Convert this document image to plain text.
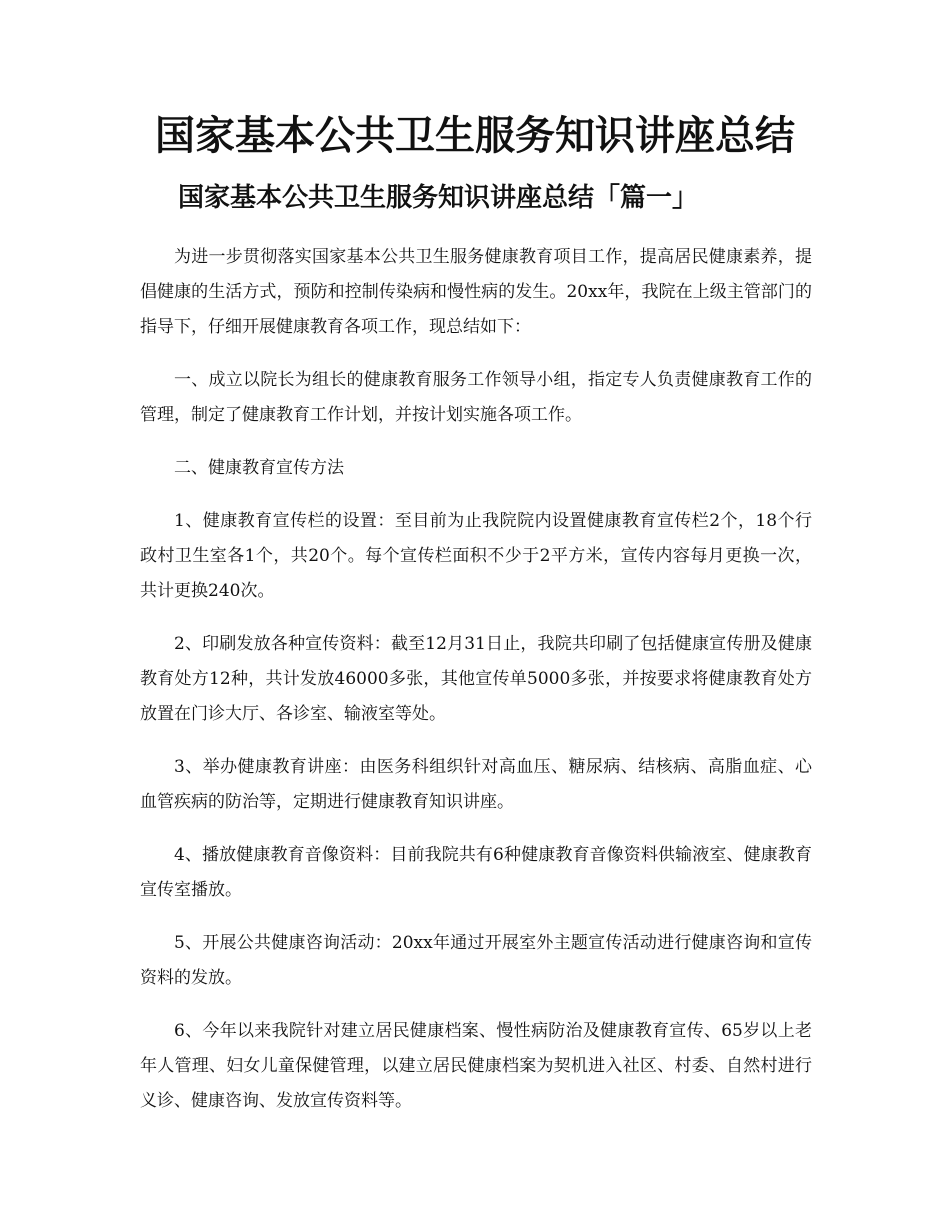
国家基本公共卫生服务知识讲座总结
国家基本公共卫生服务知识讲座总结「篇一」

为进一步贯彻落实国家基本公共卫生服务健康教育项目工作，提高居民健康素养，提倡健康的生活方式，预防和控制传染病和慢性病的发生。20xx年，我院在上级主管部门的指导下，仔细开展健康教育各项工作，现总结如下：

一、成立以院长为组长的健康教育服务工作领导小组，指定专人负责健康教育工作的管理，制定了健康教育工作计划，并按计划实施各项工作。

二、健康教育宣传方法

1、健康教育宣传栏的设置：至目前为止我院院内设置健康教育宣传栏2个，18个行政村卫生室各1个，共20个。每个宣传栏面积不少于2平方米，宣传内容每月更换一次，共计更换240次。

2、印刷发放各种宣传资料：截至12月31日止，我院共印刷了包括健康宣传册及健康教育处方12种，共计发放46000多张，其他宣传单5000多张，并按要求将健康教育处方放置在门诊大厅、各诊室、输液室等处。

3、举办健康教育讲座：由医务科组织针对高血压、糖尿病、结核病、高脂血症、心血管疾病的防治等，定期进行健康教育知识讲座。

4、播放健康教育音像资料：目前我院共有6种健康教育音像资料供输液室、健康教育宣传室播放。

5、开展公共健康咨询活动：20xx年通过开展室外主题宣传活动进行健康咨询和宣传资料的发放。

6、今年以来我院针对建立居民健康档案、慢性病防治及健康教育宣传、65岁以上老年人管理、妇女儿童保健管理，以建立居民健康档案为契机进入社区、村委、自然村进行义诊、健康咨询、发放宣传资料等。
